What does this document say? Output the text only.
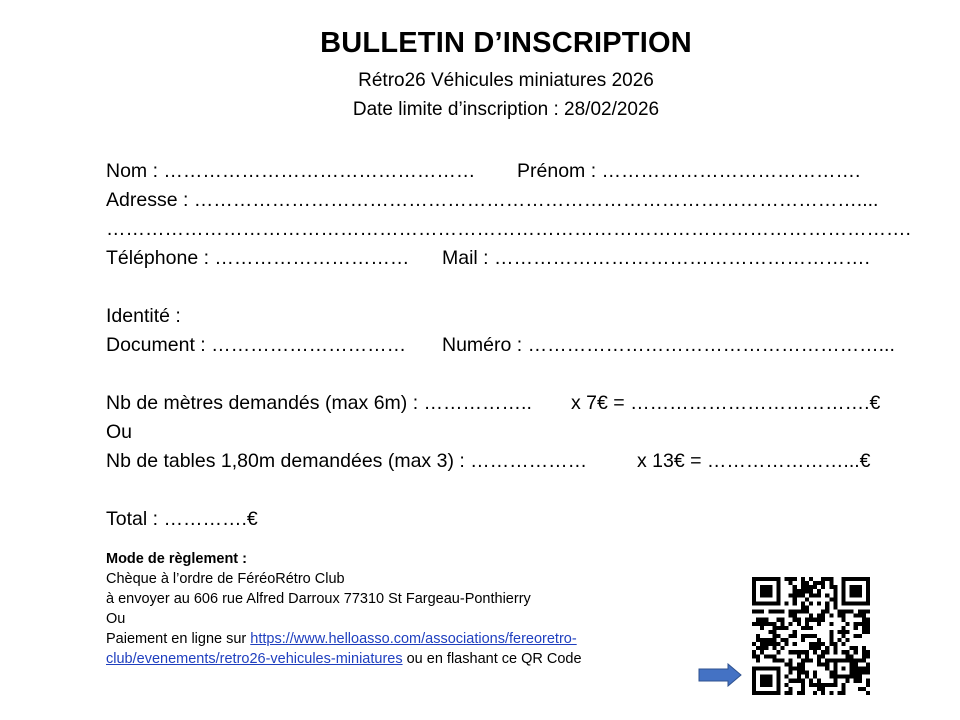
BULLETIN D’INSCRIPTION
Rétro26 Véhicules miniatures 2026
Date limite d’inscription : 28/02/2026
Nom : ………………………………………… Prénom : ………………………………….
Adresse : …………………………………………………………………………………………....
…………………………………………………………………………………………………………….
Téléphone : ………………………… Mail : ………………………………………………….
Identité :
Document : ………………………… Numéro : ………………………………………………...
Nb de mètres demandés (max 6m) : …………….. x 7€ = ……………………………….€
Ou
Nb de tables 1,80m demandées (max 3) : ………………	x 13€ = …………………...€
Total : ………….€
Mode de règlement :
Chèque à l’ordre de FéréoRétro Club
à envoyer au 606 rue Alfred Darroux 77310 St Fargeau-Ponthierry
Ou
Paiement en ligne sur https://www.helloasso.com/associations/fereoretro-
club/evenements/retro26-vehicules-miniatures ou en flashant ce QR Code
